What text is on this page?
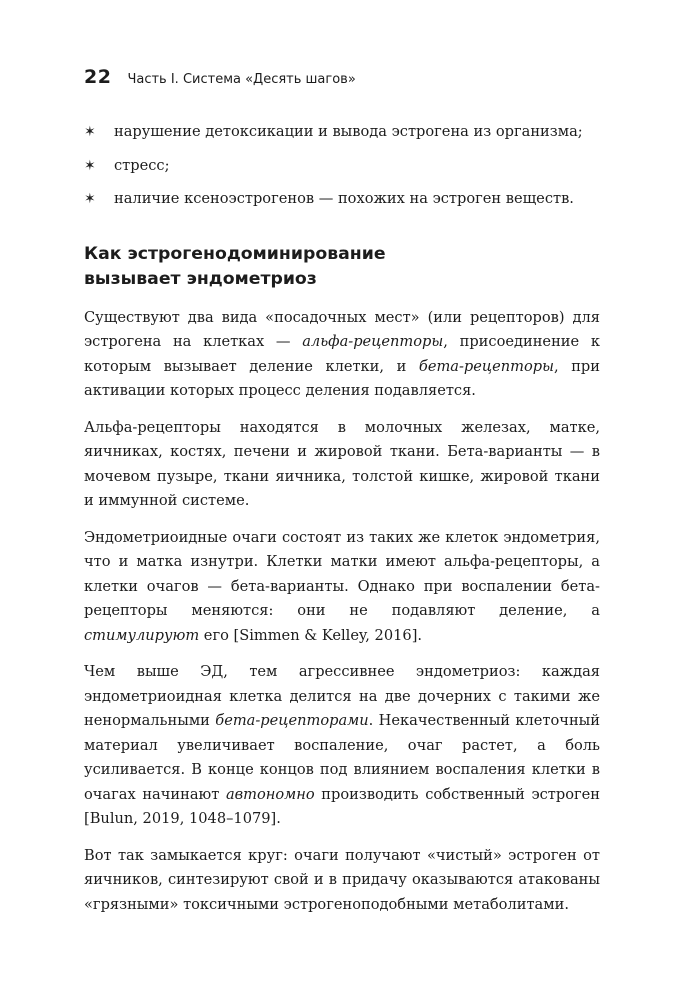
22 Часть I. Система «Десять шагов»
✶ нарушение детоксикации и вывода эстрогена из организма;
✶ стресс;
✶ наличие ксеноэстрогенов — похожих на эстроген веществ.
Как эстрогенодоминирование вызывает эндометриоз

Существуют два вида «посадочных мест» (или рецепторов) для эстрогена на клетках — альфа-рецепторы, присоединение к которым вызывает деление клетки, и бета-рецепторы, при активации которых процесс деления подавляется.

Альфа-рецепторы находятся в молочных железах, матке, яичниках, костях, печени и жировой ткани. Бета-варианты — в мочевом пузыре, ткани яичника, толстой кишке, жировой ткани и иммунной системе.

Эндометриоидные очаги состоят из таких же клеток эндометрия, что и матка изнутри. Клетки матки имеют альфа-рецепторы, а клетки очагов — бета-варианты. Однако при воспалении бета-рецепторы меняются: они не подавляют деление, а стимулируют его [Simmen & Kelley, 2016].

Чем выше ЭД, тем агрессивнее эндометриоз: каждая эндометриоидная клетка делится на две дочерних с такими же ненормальными бета-рецепторами. Некачественный клеточный материал увеличивает воспаление, очаг растет, а боль усиливается. В конце концов под влиянием воспаления клетки в очагах начинают автономно производить собственный эстроген [Bulun, 2019, 1048–1079].

Вот так замыкается круг: очаги получают «чистый» эстроген от яичников, синтезируют свой и в придачу оказываются атакованы «грязными» токсичными эстрогеноподобными метаболитами.
